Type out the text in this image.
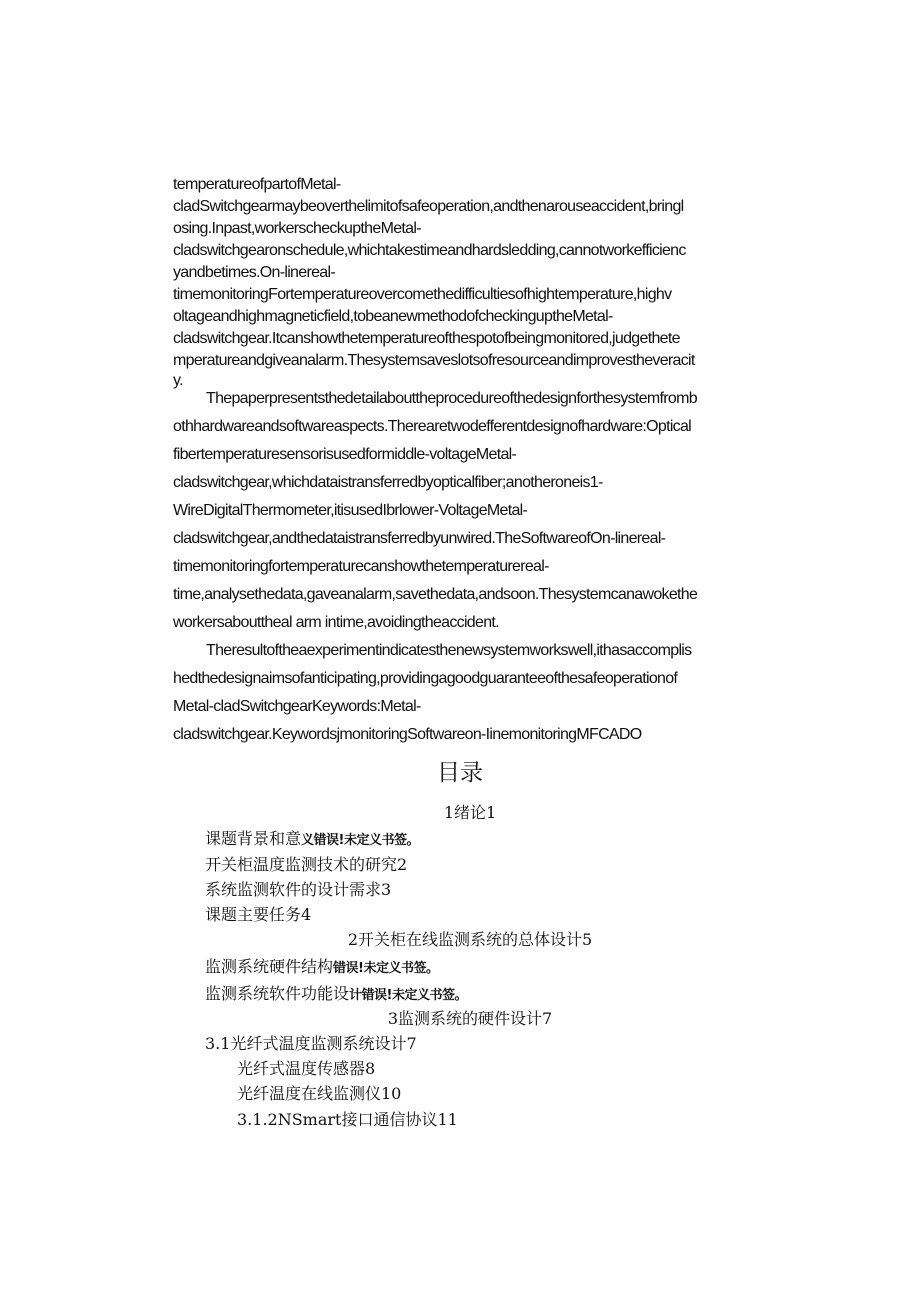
temperatureofpartofMetal-
cladSwitchgearmaybeoverthelimitofsafeoperation,andthenarouseaccident,bringl
osing.Inpast,workerscheckuptheMetal-
cladswitchgearonschedule,whichtakestimeandhardsledding,cannotworkefficienc
yandbetimes.On-linereal-
timemonitoringFortemperatureovercomethedifficultiesofhightemperature,highv
oltageandhighmagneticfield,tobeanewmethodofcheckinguptheMetal-
cladswitchgear.Itcanshowthetemperatureofthespotofbeingmonitored,judgethete
mperatureandgiveanalarm.Thesystemsaveslotsofresourceandimprovestheveracit
y.
Thepaperpresentsthedetailabouttheprocedureofthedesignforthesystemfromb
othhardwareandsoftwareaspects.Therearetwodefferentdesignofhardware:Optical
fibertemperaturesensorisusedformiddle-voltageMetal-
cladswitchgear,whichdataistransferredbyopticalfiber;anotheroneis1-
WireDigitalThermometer,itisusedIbrlower-VoltageMetal-
cladswitchgear,andthedataistransferredbyunwired.TheSoftwareofOn-linereal-
timemonitoringfortemperaturecanshowthetemperaturereal-
time,analysethedata,gaveanalarm,savethedata,andsoon.Thesystemcanawokethe
workersabouttheal arm intime,avoidingtheaccident.
Theresultoftheaexperimentindicatesthenewsystemworkswell,ithasaccomplis
hedthedesignaimsofanticipating,providingagoodguaranteeofthesafeoperationof
Metal-cladSwitchgearKeywords:Metal-
cladswitchgear.KeywordsjmonitoringSoftwareon-IinemonitoringMFCADO
目录
1绪论1
课题背景和意义错误!未定义书签。
开关柜温度监测技术的研究2
系统监测软件的设计需求3
课题主要任务4
2开关柜在线监测系统的总体设计5
监测系统硬件结构错误!未定义书签。
监测系统软件功能设计错误!未定义书签。
3监测系统的硬件设计7
3.1光纤式温度监测系统设计7
光纤式温度传感器8
光纤温度在线监测仪10
3.1.2NSmart接口通信协议11
